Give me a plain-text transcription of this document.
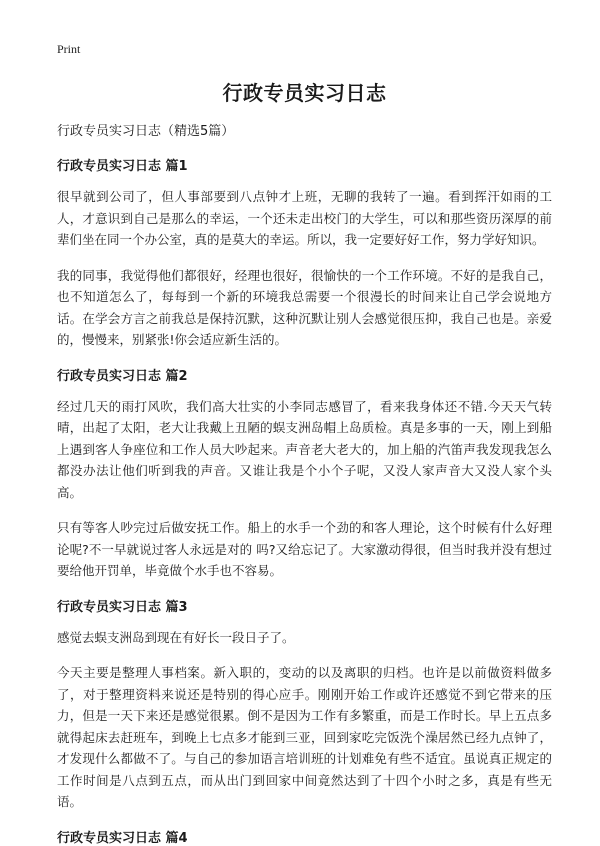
Print
行政专员实习日志
行政专员实习日志（精选5篇）
行政专员实习日志 篇1

很早就到公司了，但人事部要到八点钟才上班，无聊的我转了一遍。看到挥汗如雨的工人，才意识到自己是那么的幸运，一个还未走出校门的大学生，可以和那些资历深厚的前辈们坐在同一个办公室，真的是莫大的幸运。所以，我一定要好好工作，努力学好知识。

我的同事，我觉得他们都很好，经理也很好，很愉快的一个工作环境。不好的是我自己，也不知道怎么了，每每到一个新的环境我总需要一个很漫长的时间来让自己学会说地方话。在学会方言之前我总是保持沉默，这种沉默让别人会感觉很压抑，我自己也是。亲爱的，慢慢来，别紧张!你会适应新生活的。

行政专员实习日志 篇2

经过几天的雨打风吹，我们高大壮实的小李同志感冒了，看来我身体还不错.今天天气转晴，出起了太阳，老大让我戴上丑陋的蜈支洲岛帽上岛质检。真是多事的一天，刚上到船上遇到客人争座位和工作人员大吵起来。声音老大老大的，加上船的汽笛声我发现我怎么都没办法让他们听到我的声音。又谁让我是个小个子呢，又没人家声音大又没人家个头高。

只有等客人吵完过后做安抚工作。船上的水手一个劲的和客人理论，这个时候有什么好理论呢?不一早就说过客人永远是对的 吗?又给忘记了。大家激动得很，但当时我并没有想过要给他开罚单，毕竟做个水手也不容易。

行政专员实习日志 篇3

感觉去蜈支洲岛到现在有好长一段日子了。

今天主要是整理人事档案。新入职的，变动的以及离职的归档。也许是以前做资料做多了，对于整理资料来说还是特别的得心应手。刚刚开始工作或许还感觉不到它带来的压力，但是一天下来还是感觉很累。倒不是因为工作有多繁重，而是工作时长。早上五点多就得起床去赶班车，到晚上七点多才能到三亚，回到家吃完饭洗个澡居然已经九点钟了，才发现什么都做不了。与自己的参加语言培训班的计划难免有些不适宜。虽说真正规定的工作时间是八点到五点，而从出门到回家中间竟然达到了十四个小时之多，真是有些无语。

行政专员实习日志 篇4
